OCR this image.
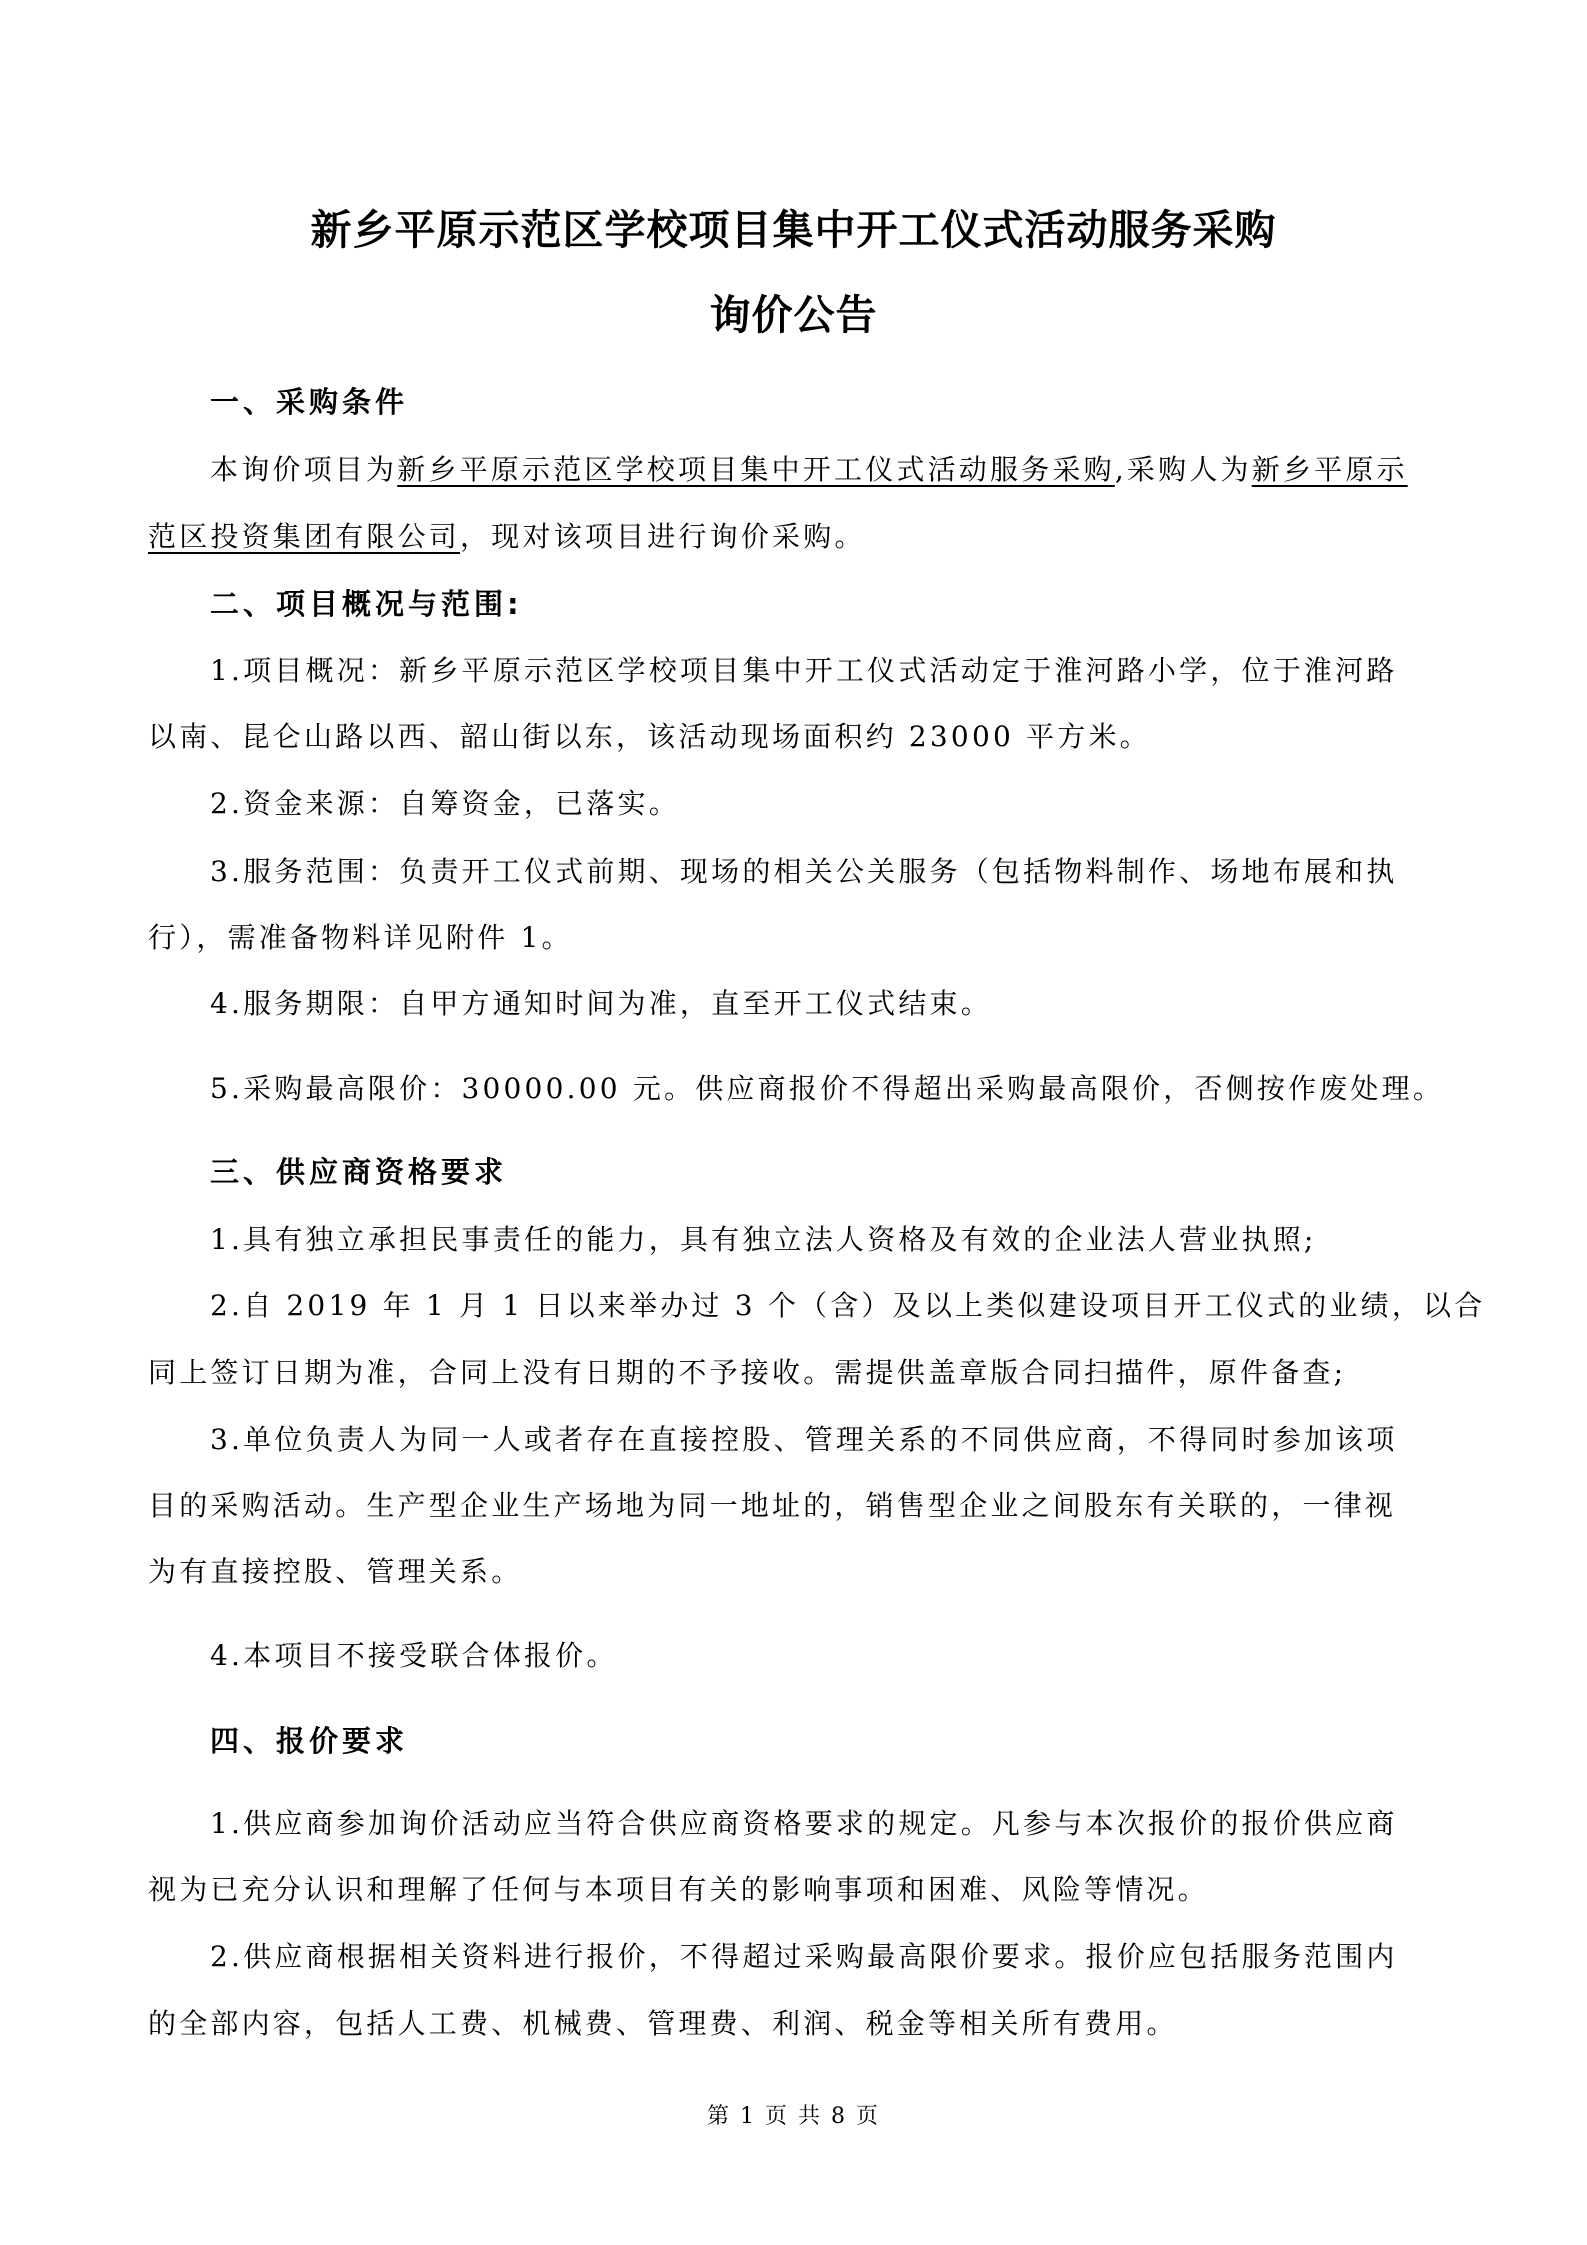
新乡平原示范区学校项目集中开工仪式活动服务采购
询价公告

一、采购条件

本询价项目为新乡平原示范区学校项目集中开工仪式活动服务采购,采购人为新乡平原示

范区投资集团有限公司，现对该项目进行询价采购。

二、项目概况与范围:

1.项目概况：新乡平原示范区学校项目集中开工仪式活动定于淮河路小学，位于淮河路

以南、昆仑山路以西、韶山街以东，该活动现场面积约 23000 平方米。

2.资金来源：自筹资金，已落实。

3.服务范围：负责开工仪式前期、现场的相关公关服务（包括物料制作、场地布展和执

行），需准备物料详见附件 1。

4.服务期限：自甲方通知时间为准，直至开工仪式结束。

5.采购最高限价：30000.00 元。供应商报价不得超出采购最高限价，否侧按作废处理。

三、供应商资格要求

1.具有独立承担民事责任的能力，具有独立法人资格及有效的企业法人营业执照;

2.自 2019 年 1 月 1 日以来举办过 3 个（含）及以上类似建设项目开工仪式的业绩，以合

同上签订日期为准，合同上没有日期的不予接收。需提供盖章版合同扫描件，原件备查;

3.单位负责人为同一人或者存在直接控股、管理关系的不同供应商，不得同时参加该项

目的采购活动。生产型企业生产场地为同一地址的，销售型企业之间股东有关联的，一律视

为有直接控股、管理关系。

4.本项目不接受联合体报价。

四、报价要求

1.供应商参加询价活动应当符合供应商资格要求的规定。凡参与本次报价的报价供应商

视为已充分认识和理解了任何与本项目有关的影响事项和困难、风险等情况。

2.供应商根据相关资料进行报价，不得超过采购最高限价要求。报价应包括服务范围内

的全部内容，包括人工费、机械费、管理费、利润、税金等相关所有费用。

第 1 页 共 8 页
